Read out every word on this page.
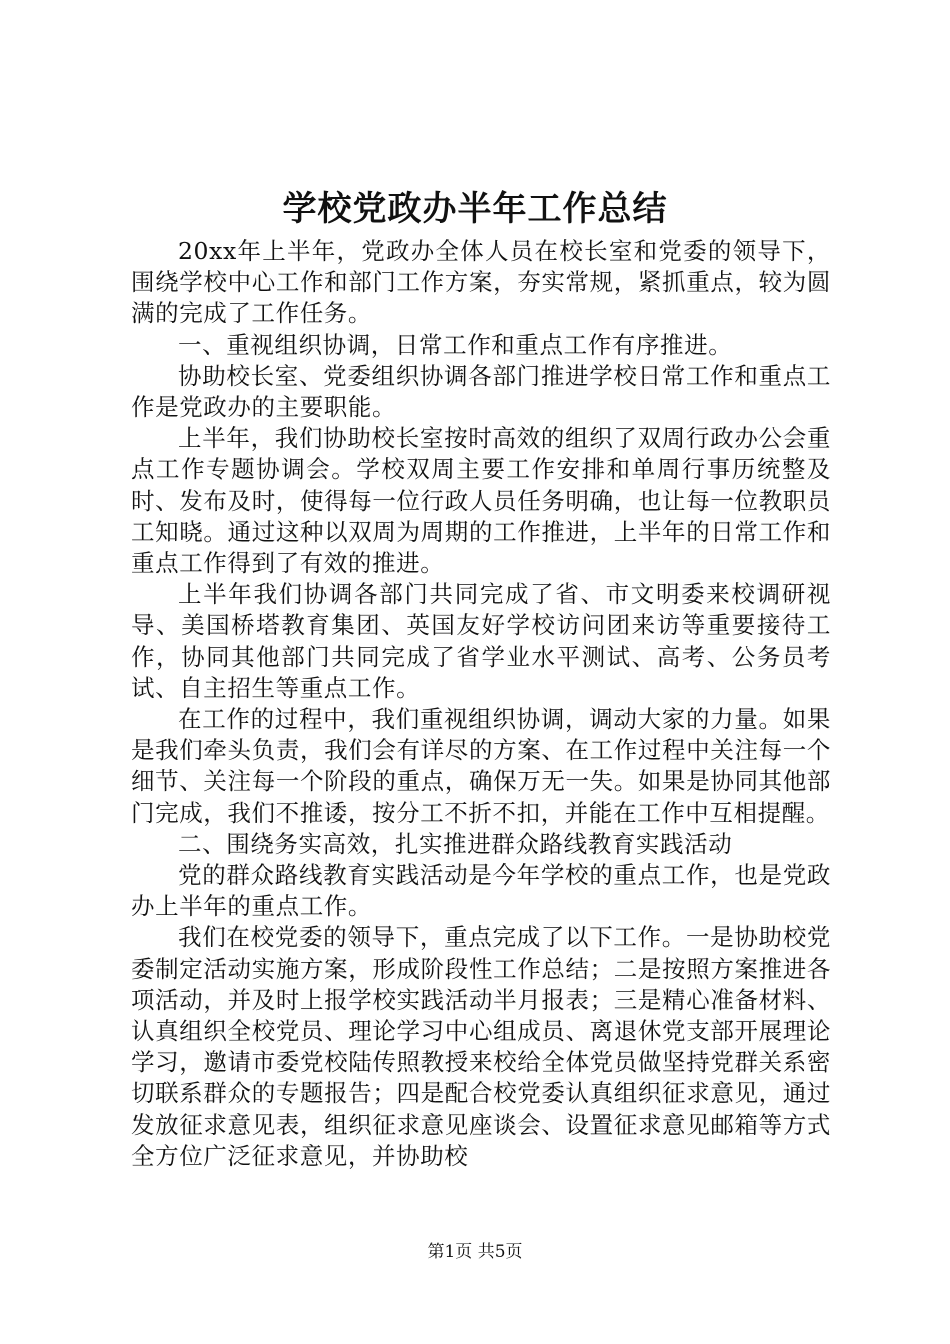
学校党政办半年工作总结

20xx年上半年，党政办全体人员在校长室和党委的领导下，围绕学校中心工作和部门工作方案，夯实常规，紧抓重点，较为圆满的完成了工作任务。

一、重视组织协调，日常工作和重点工作有序推进。

协助校长室、党委组织协调各部门推进学校日常工作和重点工作是党政办的主要职能。

上半年，我们协助校长室按时高效的组织了双周行政办公会重点工作专题协调会。学校双周主要工作安排和单周行事历统整及时、发布及时，使得每一位行政人员任务明确，也让每一位教职员工知晓。通过这种以双周为周期的工作推进，上半年的日常工作和重点工作得到了有效的推进。

上半年我们协调各部门共同完成了省、市文明委来校调研视导、美国桥塔教育集团、英国友好学校访问团来访等重要接待工作，协同其他部门共同完成了省学业水平测试、高考、公务员考试、自主招生等重点工作。

在工作的过程中，我们重视组织协调，调动大家的力量。如果是我们牵头负责，我们会有详尽的方案、在工作过程中关注每一个细节、关注每一个阶段的重点，确保万无一失。如果是协同其他部门完成，我们不推诿，按分工不折不扣，并能在工作中互相提醒。

二、围绕务实高效，扎实推进群众路线教育实践活动

党的群众路线教育实践活动是今年学校的重点工作，也是党政办上半年的重点工作。

我们在校党委的领导下，重点完成了以下工作。一是协助校党委制定活动实施方案，形成阶段性工作总结；二是按照方案推进各项活动，并及时上报学校实践活动半月报表；三是精心准备材料、认真组织全校党员、理论学习中心组成员、离退休党支部开展理论学习，邀请市委党校陆传照教授来校给全体党员做坚持党群关系密切联系群众的专题报告；四是配合校党委认真组织征求意见，通过发放征求意见表，组织征求意见座谈会、设置征求意见邮箱等方式全方位广泛征求意见，并协助校

第1页 共5页
